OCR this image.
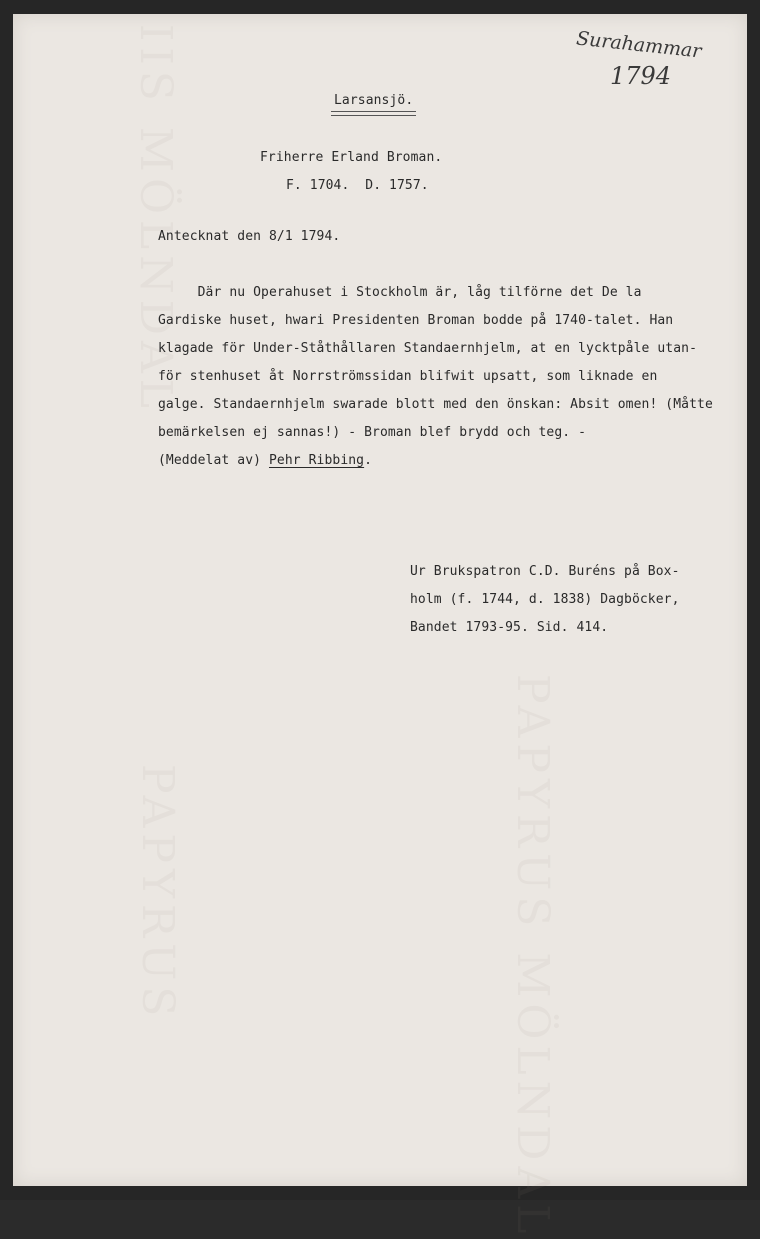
IIS MÖLNDAL
PAPYRUS	PAPYRUS MÖLNDAL
Surahammar
1794
Larsansjö.
Friherre Erland Broman.
F. 1704.  D. 1757.
Antecknat den 8/1 1794.
Där nu Operahuset i Stockholm är, låg tilförne det De la
Gardiske huset, hwari Presidenten Broman bodde på 1740-talet. Han
klagade för Under-Ståthållaren Standaernhjelm, at en lycktpåle utan-
för stenhuset åt Norrströmssidan blifwit upsatt, som liknade en
galge. Standaernhjelm swarade blott med den önskan: Absit omen! (Måtte
bemärkelsen ej sannas!) - Broman blef brydd och teg. -
(Meddelat av) Pehr Ribbing.
Ur Brukspatron C.D. Buréns på Box-
holm (f. 1744, d. 1838) Dagböcker,
Bandet 1793-95. Sid. 414.
